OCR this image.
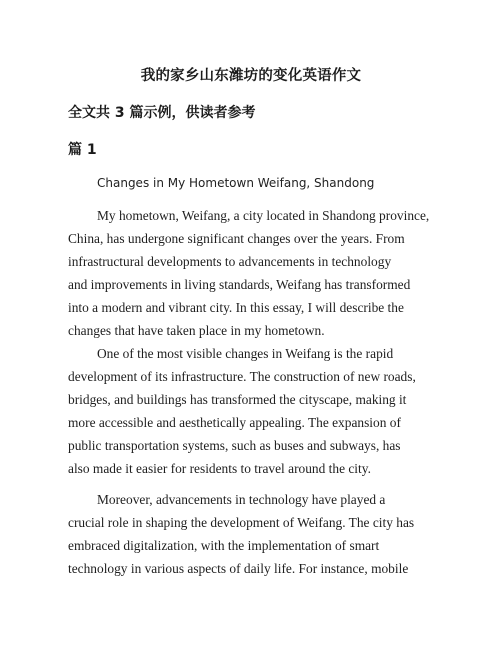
我的家乡山东潍坊的变化英语作文
全文共 3 篇示例，供读者参考
篇 1
Changes in My Hometown Weifang, Shandong
My hometown, Weifang, a city located in Shandong province,
China, has undergone significant changes over the years. From
infrastructural developments to advancements in technology
and improvements in living standards, Weifang has transformed
into a modern and vibrant city. In this essay, I will describe the
changes that have taken place in my hometown.
One of the most visible changes in Weifang is the rapid
development of its infrastructure. The construction of new roads,
bridges, and buildings has transformed the cityscape, making it
more accessible and aesthetically appealing. The expansion of
public transportation systems, such as buses and subways, has
also made it easier for residents to travel around the city.
Moreover, advancements in technology have played a
crucial role in shaping the development of Weifang. The city has
embraced digitalization, with the implementation of smart
technology in various aspects of daily life. For instance, mobile
